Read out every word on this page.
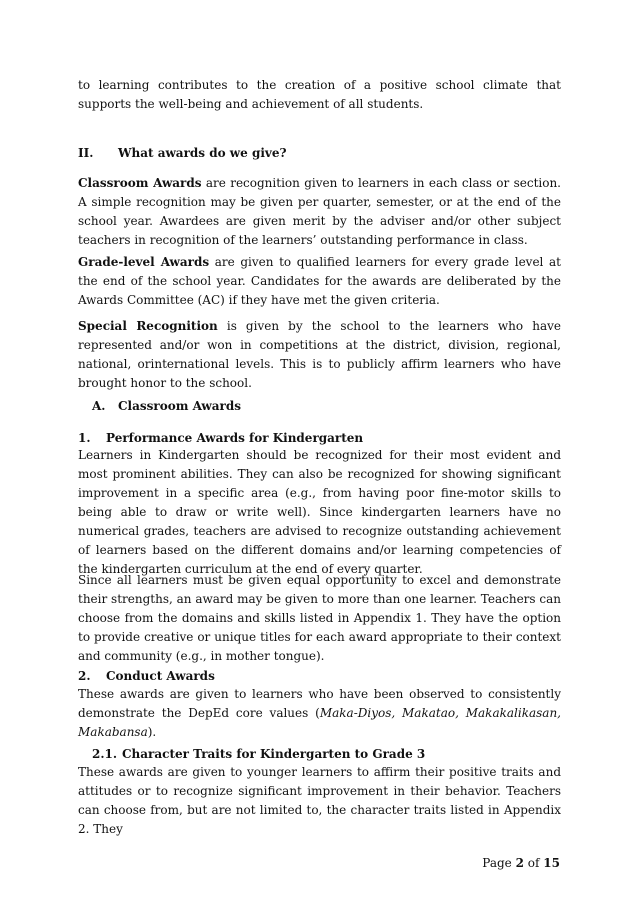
to learning contributes to the creation of a positive school climate that supports the well-being and achievement of all students.
II. What awards do we give?
Classroom Awards are recognition given to learners in each class or section. A simple recognition may be given per quarter, semester, or at the end of the school year. Awardees are given merit by the adviser and/or other subject teachers in recognition of the learners’ outstanding performance in class.
Grade-level Awards are given to qualified learners for every grade level at the end of the school year. Candidates for the awards are deliberated by the Awards Committee (AC) if they have met the given criteria.
Special Recognition is given by the school to the learners who have represented and/or won in competitions at the district, division, regional, national, orinternational levels. This is to publicly affirm learners who have brought honor to the school.
A. Classroom Awards
1. Performance Awards for Kindergarten
Learners in Kindergarten should be recognized for their most evident and most prominent abilities. They can also be recognized for showing significant improvement in a specific area (e.g., from having poor fine-motor skills to being able to draw or write well). Since kindergarten learners have no numerical grades, teachers are advised to recognize outstanding achievement of learners based on the different domains and/or learning competencies of the kindergarten curriculum at the end of every quarter.
Since all learners must be given equal opportunity to excel and demonstrate their strengths, an award may be given to more than one learner. Teachers can choose from the domains and skills listed in Appendix 1. They have the option to provide creative or unique titles for each award appropriate to their context and community (e.g., in mother tongue).
2. Conduct Awards
These awards are given to learners who have been observed to consistently demonstrate the DepEd core values (Maka-Diyos, Makatao, Makakalikasan, Makabansa).
2.1. Character Traits for Kindergarten to Grade 3
These awards are given to younger learners to affirm their positive traits and attitudes or to recognize significant improvement in their behavior. Teachers can choose from, but are not limited to, the character traits listed in Appendix 2. They
Page 2 of 15
